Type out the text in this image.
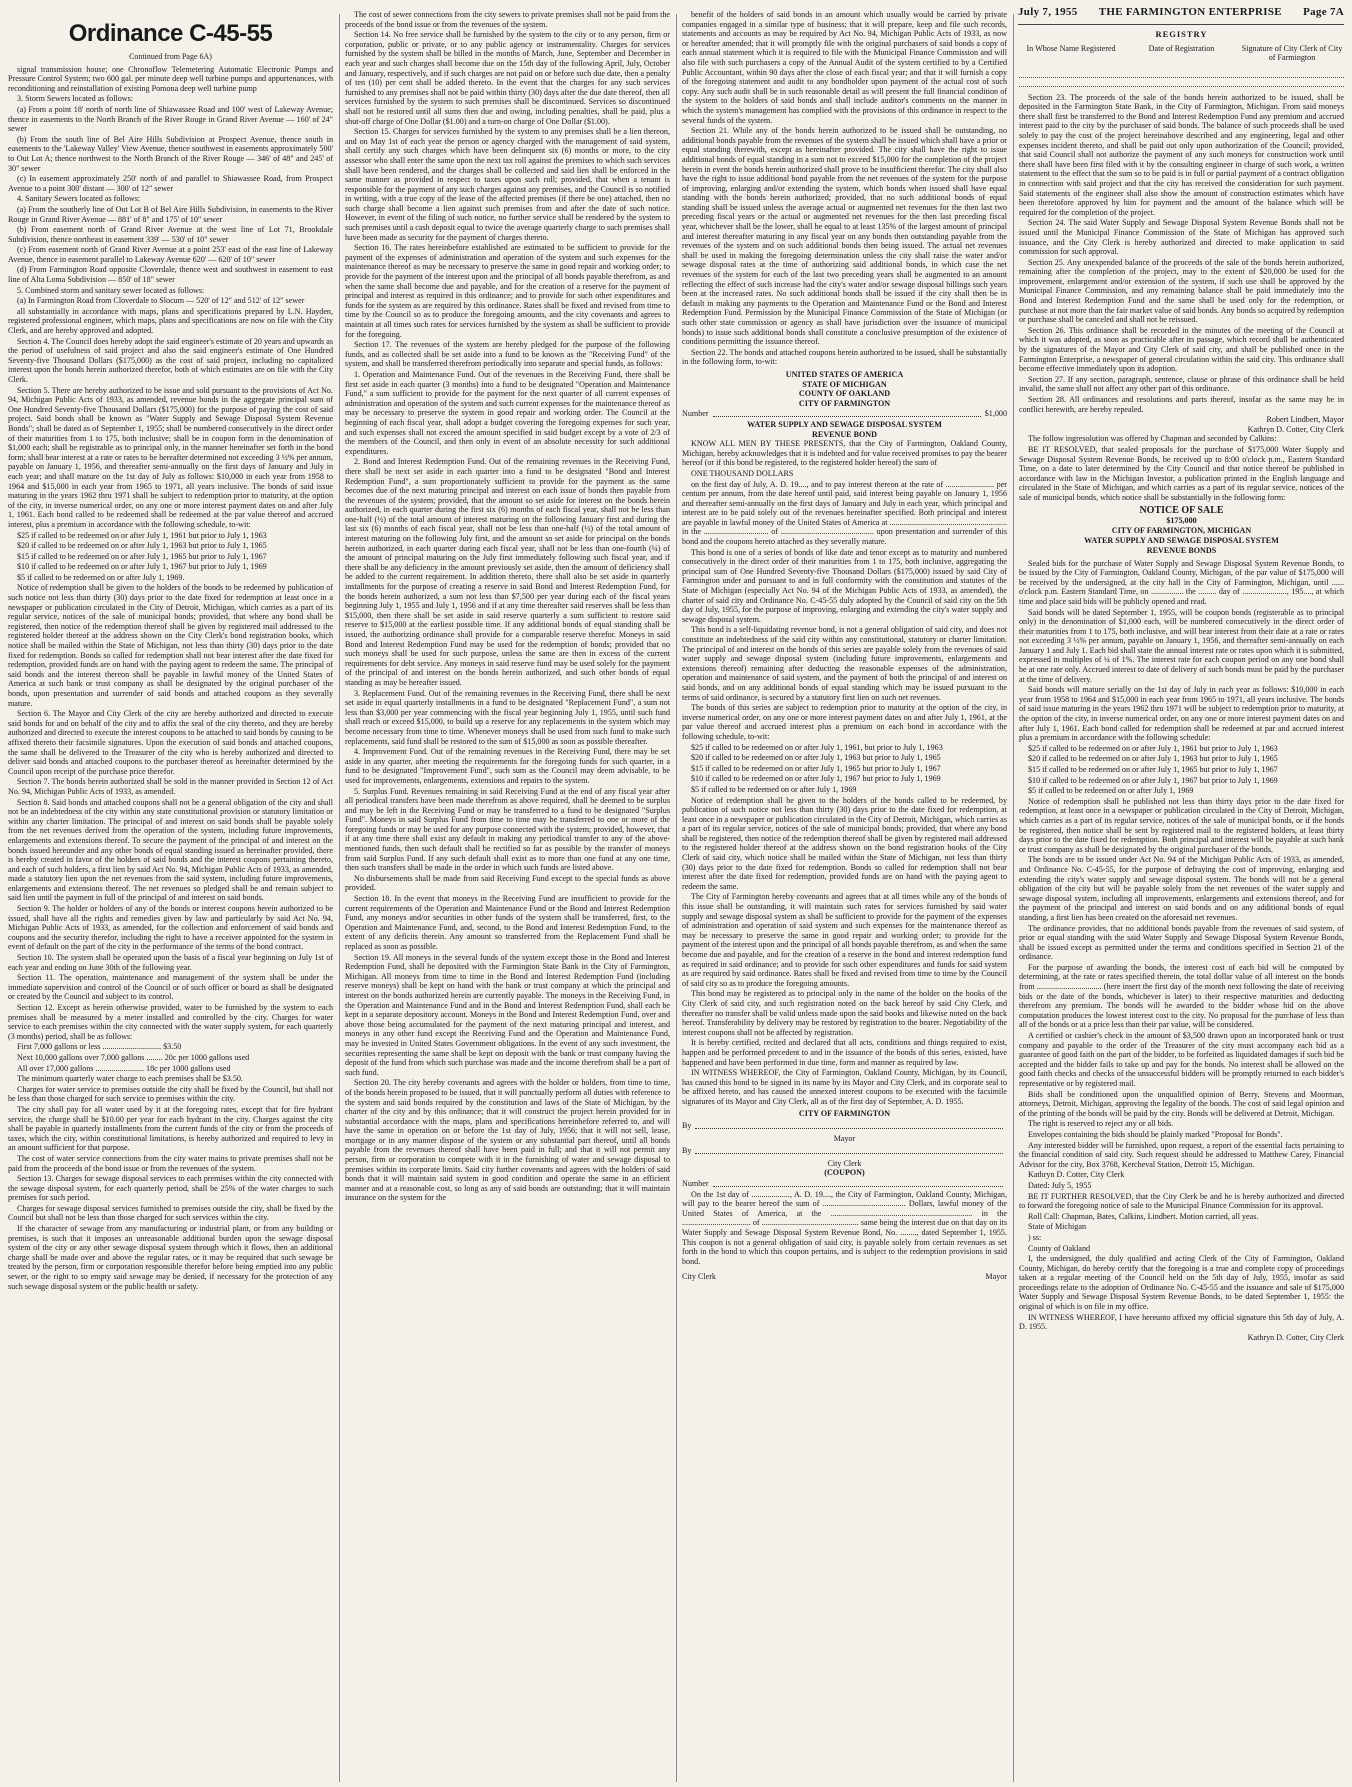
July 7, 1955 THE FARMINGTON ENTERPRISE Page 7A
Ordinance C-45-55
Continued from Page 6A)

signal transmission house; one Chronoflow Telemetering Automatic Electronic Pumps and Pressure Control System; two 600 gal. per minute deep well turbine pumps and appurtenances, with reconditioning and reinstallation of existing Pomona deep well turbine pump

3. Storm Sewers located as follows:

(a) From a point 18' north of north line of Shiawassee Road and 100' west of Lakeway Avenue; thence in easements to the North Branch of the River Rouge in Grand River Avenue — 160' of 24" sewer

(b) From the south line of Bel Aire Hills Subdivision at Prospect Avenue, thence south in easements to the 'Lakeway Valley' View Avenue, thence southwest in easements approximately 500' to Out Lot A; thence northwest to the North Branch of the River Rouge — 346' of 48" and 245' of 30" sewer

(c) In easement approximately 250' north of and parallel to Shiawassee Road, from Prospect Avenue to a point 300' distant — 300' of 12" sewer

4. Sanitary Sewers located as follows:

(a) From the southerly line of Out Lot B of Bel Aire Hills Subdivision, in easements to the River Rouge in Grand River Avenue — 881' of 8" and 175' of 10" sewer

(b) From easement north of Grand River Avenue at the west line of Lot 71, Brookdale Subdivision, thence northeast in easement 339' — 530' of 10" sewer

(c) From easement north of Grand River Avenue at a point 253' east of the east line of Lakeway Avenue, thence in easement parallel to Lakeway Avenue 620' — 620' of 10" sewer

(d) From Farmington Road opposite Cloverdale, thence west and southwest in easement to east line of Alta Loma Subdivision — 850' of 18" sewer

5. Combined storm and sanitary sewer located as follows:

(a) In Farmington Road from Cloverdale to Slocum — 520' of 12" and 512' of 12" sewer

all substantially in accordance with maps, plans and specifications prepared by L.N. Hayden, registered professional engineer, which maps, plans and specifications are now on file with the City Clerk, and are hereby approved and adopted.

Section 4. The Council does hereby adopt the said engineer's estimate of 20 years and upwards as the period of usefulness of said project and also the said engineer's estimate of One Hundred Seventy-five Thousand Dollars ($175,000) as the cost of said project, including no capitalized interest upon the bonds herein authorized therefor, both of which estimates are on file with the City Clerk.

Section 5. There are hereby authorized to be issue and sold pursuant to the provisions of Act No. 94, Michigan Public Acts of 1933, as amended, revenue bonds in the aggregate principal sum of One Hundred Seventy-five Thousand Dollars ($175,000) for the purpose of paying the cost of said project. Said bonds shall be known as "Water Supply and Sewage Disposal System Revenue Bonds"; shall be dated as of September 1, 1955; shall be numbered consecutively in the direct order of their maturities from 1 to 175, both inclusive; shall be in coupon form in the denomination of $1,000 each; shall be registrable as to principal only, in the manner hereinafter set forth in the bond form; shall bear interest at a rate or rates to be hereafter determined not exceeding 3 ½% per annum, payable on January 1, 1956, and thereafter semi-annually on the first days of January and July in each year; and shall mature on the 1st day of July as follows: $10,000 in each year from 1958 to 1964 and $15,000 in each year from 1965 to 1971, all years inclusive. The bonds of said issue maturing in the years 1962 thru 1971 shall be subject to redemption prior to maturity, at the option of the city, in inverse numerical order, on any one or more interest payment dates on and after July 1, 1961. Each bond called to be redeemed shall be redeemed at the par value thereof and accrued interest, plus a premium in accordance with the following schedule, to-wit:

$25 if called to be redeemed on or after July 1, 1961 but prior to July 1, 1963

$20 if called to be redeemed on or after July 1, 1963 but prior to July 1, 1965

$15 if called to be redeemed on or after July 1, 1965 but prior to July 1, 1967

$10 if called to be redeemed on or after July 1, 1967 but prior to July 1, 1969

$5 if called to be redeemed on or after July 1, 1969.

Notice of redemption shall be given to the holders of the bonds to be redeemed by publication of such notice not less than thirty (30) days prior to the date fixed for redemption at least once in a newspaper or publication circulated in the City of Detroit, Michigan, which carries as a part of its regular service, notices of the sale of municipal bonds; provided, that where any bond shall be registered, then notice of the redemption thereof shall be given by registered mail addressed to the registered holder thereof at the address shown on the City Clerk's bond registration books, which notice shall be mailed within the State of Michigan, not less than thirty (30) days prior to the date fixed for redemption. Bonds so called for redemption shall not bear interest after the date fixed for redemption, provided funds are on hand with the paying agent to redeem the same. The principal of said bonds and the interest thereon shall be payable in lawful money of the United States of America at such bank or trust company as shall be designated by the original purchaser of the bonds, upon presentation and surrender of said bonds and attached coupons as they severally mature.

Section 6. The Mayor and City Clerk of the city are hereby authorized and directed to execute said bonds for and on behalf of the city and to affix the seal of the city thereto, and they are hereby authorized and directed to execute the interest coupons to be attached to said bonds by causing to be affixed thereto their facsimile signatures. Upon the execution of said bonds and attached coupons, the same shall be delivered to the Treasurer of the city who is hereby authorized and directed to deliver said bonds and attached coupons to the purchaser thereof as hereinafter determined by the Council upon receipt of the purchase price therefor.

Section 7. The bonds herein authorized shall be sold in the manner provided in Section 12 of Act No. 94, Michigan Public Acts of 1933, as amended.

Section 8. Said bonds and attached coupons shall not be a general obligation of the city and shall not be an indebtedness of the city within any state constitutional provision or statutory limitation or within any charter limitation. The principal of and interest on said bonds shall be payable solely from the net revenues derived from the operation of the system, including future improvements, enlargements and extensions thereof. To secure the payment of the principal of and interest on the bonds issued hereunder and any other bonds of equal standing issued as hereinafter provided, there is hereby created in favor of the holders of said bonds and the interest coupons pertaining thereto, and each of such holders, a first lien by said Act No. 94, Michigan Public Acts of 1933, as amended, made a statutory lien upon the net revenues from the said system, including future improvements, enlargements and extensions thereof. The net revenues so pledged shall be and remain subject to said lien until the payment in full of the principal of and interest on said bonds.

Section 9. The holder or holders of any of the bonds or interest coupons herein authorized to be issued, shall have all the rights and remedies given by law and particularly by said Act No. 94, Michigan Public Acts of 1933, as amended, for the collection and enforcement of said bonds and coupons and the security therefor, including the right to have a receiver appointed for the system in event of default on the part of the city in the performance of the terms of the bond contract.

Section 10. The system shall be operated upon the basis of a fiscal year beginning on July 1st of each year and ending on June 30th of the following year.

Section 11. The operation, maintenance and management of the system shall be under the immediate supervision and control of the Council or of such officer or board as shall be designated or created by the Council and subject to its control.

Section 12. Except as herein otherwise provided, water to be furnished by the system to each premises shall be measured by a meter installed and controlled by the city. Charges for water service to each premises within the city connected with the water supply system, for each quarterly (3 months) period, shall be as follows:

First 7,000 gallons or less ............................. $3.50

Next 10,000 gallons over 7,000 gallons ........ 20c per 1000 gallons used

All over 17,000 gallons ........................ 18c per 1000 gallons used

The minimum quarterly water charge to each premises shall be $3.50.

Charges for water service to premises outside the city shall be fixed by the Council, but shall not be less than those charged for such service to premises within the city.

The city shall pay for all water used by it at the foregoing rates, except that for fire hydrant service, the charge shall be $10.00 per year for each hydrant in the city. Charges against the city shall be payable in quarterly installments from the current funds of the city or from the proceeds of taxes, which the city, within constitutional limitations, is hereby authorized and required to levy in an amount sufficient for that purpose.

The cost of water service connections from the city water mains to private premises shall not be paid from the proceeds of the bond issue or from the revenues of the system.

Section 13. Charges for sewage disposal services to each premises within the city connected with the sewage disposal system, for each quarterly period, shall be 25% of the water charges to such premises for such period.

Charges for sewage disposal services furnished to premises outside the city, shall be fixed by the Council but shall not be less than those charged for such services within the city.

If the character of sewage from any manufacturing or industrial plant, or from any building or premises, is such that it imposes an unreasonable additional burden upon the sewage disposal system of the city or any other sewage disposal system through which it flows, then an additional charge shall be made over and above the regular rates, or it may be required that such sewage be treated by the person, firm or corporation responsible therefor before being emptied into any public sewer, or the right to so empty said sewage may be denied, if necessary for the protection of any such sewage disposal system or the public health or safety.

The cost of sewer connections from the city sewers to private premises shall not be paid from the proceeds of the bond issue or from the revenues of the system.

Section 14. No free service shall be furnished by the system to the city or to any person, firm or corporation, public or private, or to any public agency or instrumentality. Charges for services furnished by the system shall be billed in the months of March, June, September and December in each year and such charges shall become due on the 15th day of the following April, July, October and January, respectively, and if such charges are not paid on or before such due date, then a penalty of ten (10) per cent shall be added thereto. In the event that the charges for any such services furnished to any premises shall not be paid within thirty (30) days after the due date thereof, then all services furnished by the system to such premises shall be discontinued. Services so discontinued shall not be restored until all sums then due and owing, including penalties, shall be paid, plus a shut-off charge of One Dollar ($1.00) and a turn-on charge of One Dollar ($1.00).

Section 15. Charges for services furnished by the system to any premises shall be a lien thereon, and on May 1st of each year the person or agency charged with the management of said system, shall certify any such charges which have been delinquent six (6) months or more, to the city assessor who shall enter the same upon the next tax roll against the premises to which such services shall have been rendered, and the charges shall be collected and said lien shall be enforced in the same manner as provided in respect to taxes upon such roll; provided, that when a tenant is responsible for the payment of any such charges against any premises, and the Council is so notified in writing, with a true copy of the lease of the affected premises (if there be one) attached, then no such charge shall become a lien against such premises from and after the date of such notice. However, in event of the filing of such notice, no further service shall be rendered by the system to such premises until a cash deposit equal to twice the average quarterly charge to such premises shall have been made as security for the payment of charges thereto.

Section 16. The rates hereinbefore established are estimated to be sufficient to provide for the payment of the expenses of administration and operation of the system and such expenses for the maintenance thereof as may be necessary to preserve the same in good repair and working order; to provide for the payment of the interest upon and the principal of all bonds payable therefrom, as and when the same shall become due and payable, and for the creation of a reserve for the payment of principal and interest as required in this ordinance; and to provide for such other expenditures and funds for the system as are required by this ordinance. Rates shall be fixed and revised from time to time by the Council so as to produce the foregoing amounts, and the city covenants and agrees to maintain at all times such rates for services furnished by the system as shall be sufficient to provide for the foregoing.

Section 17. The revenues of the system are hereby pledged for the purpose of the following funds, and as collected shall be set aside into a fund to be known as the "Receiving Fund" of the system, and shall be transferred therefrom periodically into separate and special funds, as follows:

1. Operation and Maintenance Fund. Out of the revenues in the Receiving Fund, there shall be first set aside in each quarter (3 months) into a fund to be designated "Operation and Maintenance Fund," a sum sufficient to provide for the payment for the next quarter of all current expenses of administration and operation of the system and such current expenses for the maintenance thereof as may be necessary to preserve the system in good repair and working order. The Council at the beginning of each fiscal year, shall adopt a budget covering the foregoing expenses for such year, and such expenses shall not exceed the amount specified in said budget except by a vote of 2/3 of the members of the Council, and then only in event of an absolute necessity for such additional expenditures.

2. Bond and Interest Redemption Fund. Out of the remaining revenues in the Receiving Fund, there shall be next set aside in each quarter into a fund to be designated "Bond and Interest Redemption Fund", a sum proportionately sufficient to provide for the payment as the same becomes due of the next maturing principal and interest on each issue of bonds then payable from the revenues of the system; provided, that the amount so set aside for interest on the bonds herein authorized, in each quarter during the first six (6) months of each fiscal year, shall not be less than one-half (½) of the total amount of interest maturing on the following January first and during the last six (6) months of each fiscal year, shall not be less than one-half (½) of the total amount of interest maturing on the following July first, and the amount so set aside for principal on the bonds herein authorized, in each quarter during each fiscal year, shall not be less than one-fourth (¼) of the amount of principal maturing on the July first immediately following such fiscal year, and if there shall be any deficiency in the amount previously set aside, then the amount of deficiency shall be added to the current requirement. In addition thereto, there shall also be set aside in quarterly installments for the purpose of creating a reserve in said Bond and Interest Redemption Fund, for the bonds herein authorized, a sum not less than $7,500 per year during each of the fiscal years beginning July 1, 1955 and July 1, 1956 and if at any time thereafter said reserves shall be less than $15,000, then there shall be set aside in said reserve quarterly a sum sufficient to restore said reserve to $15,000 at the earliest possible time. If any additional bonds of equal standing shall be issued, the authorizing ordinance shall provide for a comparable reserve therefor. Moneys in said Bond and Interest Redemption Fund may be used for the redemption of bonds; provided that no such moneys shall be used for such purpose, unless the same are then in excess of the current requirements for debt service. Any moneys in said reserve fund may be used solely for the payment of the principal of and interest on the bonds herein authorized, and such other bonds of equal standing as may be hereafter issued.

3. Replacement Fund. Out of the remaining revenues in the Receiving Fund, there shall be next set aside in equal quarterly installments in a fund to be designated "Replacement Fund", a sum not less than $3,000 per year commencing with the fiscal year beginning July 1, 1955, until such fund shall reach or exceed $15,000, to build up a reserve for any replacements in the system which may become necessary from time to time. Whenever moneys shall be used from such fund to make such replacements, said fund shall be restored to the sum of $15,000 as soon as possible thereafter.

4. Improvement Fund. Out of the remaining revenues in the Receiving Fund, there may be set aside in any quarter, after meeting the requirements for the foregoing funds for such quarter, in a fund to be designated "Improvement Fund", such sum as the Council may deem advisable, to be used for improvements, enlargements, extensions and repairs to the system.

5. Surplus Fund. Revenues remaining in said Receiving Fund at the end of any fiscal year after all periodical transfers have been made therefrom as above required, shall be deemed to be surplus and may be left in the Receiving Fund or may be transferred to a fund to be designated "Surplus Fund". Moneys in said Surplus Fund from time to time may be transferred to one or more of the foregoing funds or may be used for any purpose connected with the system; provided, however, that if at any time there shall exist any default in making any periodical transfer to any of the above-mentioned funds, then such default shall be rectified so far as possible by the transfer of moneys from said Surplus Fund. If any such default shall exist as to more than one fund at any one time, then such transfers shall be made in the order in which such funds are listed above.

No disbursements shall be made from said Receiving Fund except to the special funds as above provided.

Section 18. In the event that moneys in the Receiving Fund are insufficient to provide for the current requirements of the Operation and Maintenance Fund or the Bond and Interest Redemption Fund, any moneys and/or securities in other funds of the system shall be transferred, first, to the Operation and Maintenance Fund, and, second, to the Bond and Interest Redemption Fund, to the extent of any deficits therein. Any amount so transferred from the Replacement Fund shall be replaced as soon as possible.

Section 19. All moneys in the several funds of the system except those in the Bond and Interest Redemption Fund, shall be deposited with the Farmington State Bank in the City of Farmington, Michigan. All moneys from time to time in the Bond and Interest Redemption Fund (including reserve moneys) shall be kept on hand with the bank or trust company at which the principal and interest on the bonds authorized herein are currently payable. The moneys in the Receiving Fund, in the Operation and Maintenance Fund and in the Bond and Interest Redemption Fund, shall each be kept in a separate depository account. Moneys in the Bond and Interest Redemption Fund, over and above those being accumulated for the payment of the next maturing principal and interest, and moneys in any other fund except the Receiving Fund and the Operation and Maintenance Fund, may be invested in United States Government obligations. In the event of any such investment, the securities representing the same shall be kept on deposit with the bank or trust company having the deposit of the fund from which such purchase was made and the income therefrom shall be a part of such fund.

Section 20. The city hereby covenants and agrees with the holder or holders, from time to time, of the bonds herein proposed to be issued, that it will punctually perform all duties with reference to the system and said bonds required by the constitution and laws of the State of Michigan, by the charter of the city and by this ordinance; that it will construct the project herein provided for in substantial accordance with the maps, plans and specifications hereinbefore referred to, and will have the same in operation on or before the 1st day of July, 1956; that it will not sell, lease, mortgage or in any manner dispose of the system or any substantial part thereof, until all bonds payable from the revenues thereof shall have been paid in full; and that it will not permit any person, firm or corporation to compete with it in the furnishing of water and sewage disposal to premises within its corporate limits. Said city further covenants and agrees with the holders of said bonds that it will maintain said system in good condition and operate the same in an efficient manner and at a reasonable cost, so long as any of said bonds are outstanding; that it will maintain insurance on the system for the

benefit of the holders of said bonds in an amount which usually would be carried by private companies engaged in a similar type of business; that it will prepare, keep and file such records, statements and accounts as may be required by Act No. 94, Michigan Public Acts of 1933, as now or hereafter amended; that it will promptly file with the original purchasers of said bonds a copy of each annual statement which it is required to file with the Municipal Finance Commission and will also file with such purchasers a copy of the Annual Audit of the system certified to by a Certified Public Accountant, within 90 days after the close of each fiscal year; and that it will furnish a copy of the foregoing statement and audit to any bondholder upon payment of the actual cost of such copy. Any such audit shall be in such reasonable detail as will present the full financial condition of the system to the holders of said bonds and shall include auditor's comments on the manner in which the system's management has complied with the provisions of this ordinance in respect to the several funds of the system.

Section 21. While any of the bonds herein authorized to be issued shall be outstanding, no additional bonds payable from the revenues of the system shall be issued which shall have a prior or equal standing therewith, except as hereinafter provided. The city shall have the right to issue additional bonds of equal standing in a sum not to exceed $15,000 for the completion of the project herein in event the bonds herein authorized shall prove to be insufficient therefor. The city shall also have the right to issue additional bond payable from the net revenues of the system for the purpose of improving, enlarging and/or extending the system, which bonds when issued shall have equal standing with the bonds herein authorized; provided, that no such additional bonds of equal standing shall be issued unless the average actual or augmented net revenues for the then last two preceding fiscal years or the actual or augmented net revenues for the then last preceding fiscal year, whichever shall be the lower, shall be equal to at least 135% of the largest amount of principal and interest thereafter maturing in any fiscal year on any bonds then outstanding payable from the revenues of the system and on such additional bonds then being issued. The actual net revenues shall be used in making the foregoing determination unless the city shall raise the water and/or sewage disposal rates at the time of authorizing said additional bonds, in which case the net revenues of the system for each of the last two preceding years shall be augmented to an amount reflecting the effect of such increase had the city's water and/or sewage disposal billings such years been at the increased rates. No such additional bonds shall be issued if the city shall then be in default in making any payments to the Operation and Maintenance Fund or the Bond and Interest Redemption Fund. Permission by the Municipal Finance Commission of the State of Michigan (or such other state commission or agency as shall have jurisdiction over the issuance of municipal bonds) to issue such additional bonds shall constitute a conclusive presumption of the existence of conditions permitting the issuance thereof.

Section 22. The bonds and attached coupons herein authorized to be issued, shall be substantially in the following form, to-wit:

UNITED STATES OF AMERICA
STATE OF MICHIGAN
COUNTY OF OAKLAND
CITY OF FARMINGTON
Number	$1,000
WATER SUPPLY AND SEWAGE DISPOSAL SYSTEM
REVENUE BOND

KNOW ALL MEN BY THESE PRESENTS, that the City of Farmington, Oakland County, Michigan, hereby acknowledges that it is indebted and for value received promises to pay the bearer hereof (or if this bond be registered, to the registered holder hereof) the sum of

ONE THOUSAND DOLLARS

on the first day of July, A. D. 19...., and to pay interest thereon at the rate of ........................ per centum per annum, from the date hereof until paid, said interest being payable on January 1, 1956 and thereafter semi-annually on the first days of January and July in each year, which principal and interest are to be paid solely out of the revenues hereinafter specified. Both principal and interest are payable in lawful money of the United States of America at .......................................................... in the ................................ of .............................................. upon presentation and surrender of this bond and the coupons hereto attached as they severally mature.

This bond is one of a series of bonds of like date and tenor except as to maturity and numbered consecutively in the direct order of their maturities from 1 to 175, both inclusive, aggregating the principal sum of One Hundred Seventy-five Thousand Dollars ($175,000) issued by said City of Farmington under and pursuant to and in full conformity with the constitution and statutes of the State of Michigan (especially Act No. 94 of the Michigan Public Acts of 1933, as amended), the charter of said city and Ordinance No. C-45-55 duly adopted by the Council of said city on the 5th day of July, 1955, for the purpose of improving, enlarging and extending the city's water supply and sewage disposal system.

This bond is a self-liquidating revenue bond, is not a general obligation of said city, and does not constitute an indebtedness of the said city within any constitutional, statutory or charter limitation. The principal of and interest on the bonds of this series are payable solely from the revenues of said water supply and sewage disposal system (including future improvements, enlargements and extensions thereof) remaining after deducting the reasonable expenses of the administration, operation and maintenance of said system, and the payment of both the principal of and interest on said bonds, and on any additional bonds of equal standing which may be issued pursuant to the terms of said ordinance, is secured by a statutory first lien on such net revenues.

The bonds of this series are subject to redemption prior to maturity at the option of the city, in inverse numerical order, on any one or more interest payment dates on and after July 1, 1961, at the par value thereof and accrued interest plus a premium on each bond in accordance with the following schedule, to-wit:

$25 if called to be redeemed on or after July 1, 1961, but prior to July 1, 1963

$20 if called to be redeemed on or after July 1, 1963 but prior to July 1, 1965

$15 if called to be redeemed on or after July 1, 1965 but prior to July 1, 1967

$10 if called to be redeemed on or after July 1, 1967 but prior to July 1, 1969

$5 if called to be redeemed on or after July 1, 1969

Notice of redemption shall be given to the holders of the bonds called to be redeemed, by publication of such notice not less than thirty (30) days prior to the date fixed for redemption, at least once in a newspaper or publication circulated in the City of Detroit, Michigan, which carries as a part of its regular service, notices of the sale of municipal bonds; provided, that where any bond shall be registered, then notice of the redemption thereof shall be given by registered mail addressed to the registered holder thereof at the address shown on the bond registration books of the City Clerk of said city, which notice shall be mailed within the State of Michigan, not less than thirty (30) days prior to the date fixed for redemption. Bonds so called for redemption shall not bear interest after the date fixed for redemption, provided funds are on hand with the paying agent to redeem the same.

The City of Farmington hereby covenants and agrees that at all times while any of the bonds of this issue shall be outstanding, it will maintain such rates for services furnished by said water supply and sewage disposal system as shall be sufficient to provide for the payment of the expenses of administration and operation of said system and such expenses for the maintenance thereof as may be necessary to preserve the same in good repair and working order; to provide for the payment of the interest upon and the principal of all bonds payable therefrom, as and when the same become due and payable, and for the creation of a reserve in the bond and interest redemption fund as required in said ordinance; and to provide for such other expenditures and funds for said system as are required by said ordinance. Rates shall be fixed and revised from time to time by the Council of said city so as to produce the foregoing amounts.

This bond may be registered as to principal only in the name of the holder on the books of the City Clerk of said city, and such registration noted on the back hereof by said City Clerk, and thereafter no transfer shall be valid unless made upon the said books and likewise noted on the back hereof. Transferability by delivery may be restored by registration to the bearer. Negotiability of the interest coupons shall not be affected by registration.

It is hereby certified, recited and declared that all acts, conditions and things required to exist, happen and be performed precedent to and in the issuance of the bonds of this series, existed, have happened and have been performed in due time, form and manner as required by law.

IN WITNESS WHEREOF, the City of Farmington, Oakland County, Michigan, by its Council, has caused this bond to be signed in its name by its Mayor and City Clerk, and its corporate seal to be affixed hereto, and has caused the annexed interest coupons to be executed with the facsimile signatures of its Mayor and City Clerk, all as of the first day of September, A. D. 1955.

CITY OF FARMINGTON
By
Mayor
By
City Clerk
(COUPON)
Number

On the 1st day of ..................., A. D. 19...., the City of Farmington, Oakland County, Michigan, will pay to the bearer hereof the sum of ......................................... Dollars, lawful money of the United States of America, at the ...................................................................... in the .................................. of ................................................ same being the interest due on that day on its Water Supply and Sewage Disposal System Revenue Bond, No. ........, dated September 1, 1955. This coupon is not a general obligation of said city, is payable solely from certain revenues as set forth in the bond to which this coupon pertains, and is subject to the redemption provisions in said bond.

City Clerk	Mayor
REGISTRY
In Whose Name Registered	Date of Registration	Signature of City Clerk of City of Farmington

Section 23. The proceeds of the sale of the bonds herein authorized to be issued, shall be deposited in the Farmington State Bank, in the City of Farmington, Michigan. From said moneys there shall first be transferred to the Bond and Interest Redemption Fund any premium and accrued interest paid to the city by the purchaser of said bonds. The balance of such proceeds shall be used solely to pay the cost of the project hereinabove described and any engineering, legal and other expenses incident thereto, and shall be paid out only upon authorization of the Council; provided, that said Council shall not authorize the payment of any such moneys for construction work until there shall have been first filed with it by the consulting engineer in charge of such work, a written statement to the effect that the sum so to be paid is in full or partial payment of a contract obligation in connection with said project and that the city has received the consideration for such payment. Said statements of the engineer shall also show the amount of construction estimates which have been theretofore approved by him for payment and the amount of the balance which will be required for the completion of the project.

Section 24. The said Water Supply and Sewage Disposal System Revenue Bonds shall not be issued until the Municipal Finance Commission of the State of Michigan has approved such issuance, and the City Clerk is hereby authorized and directed to make application to said commission for such approval.

Section 25. Any unexpended balance of the proceeds of the sale of the bonds herein authorized, remaining after the completion of the project, may to the extent of $20,000 be used for the improvement, enlargement and/or extension of the system, if such use shall be approved by the Municipal Finance Commission, and any remaining balance shall be paid immediately into the Bond and Interest Redemption Fund and the same shall be used only for the redemption, or purchase at not more than the fair market value of said bonds. Any bonds so acquired by redemption or purchase shall be canceled and shall not be reissued.

Section 26. This ordinance shall be recorded in the minutes of the meeting of the Council at which it was adopted, as soon as practicable after its passage, which record shall be authenticated by the signatures of the Mayor and City Clerk of said city, and shall be published once in the Farmington Enterprise, a newspaper of general circulation within the said city. This ordinance shall become effective immediately upon its adoption.

Section 27. If any section, paragraph, sentence, clause or phrase of this ordinance shall be held invalid, the same shall not affect any other part of this ordinance.

Section 28. All ordinances and resolutions and parts thereof, insofar as the same may be in conflict herewith, are hereby repealed.

Robert Lindbert, Mayor
Kathryn D. Cotter, City Clerk

The follow ingresolution was offered by Chapman and seconded by Calkins:

BE IT RESOLVED, that sealed proposals for the purchase of $175,000 Water Supply and Sewage Disposal System Revenue Bonds, be received up to 8:00 o'clock p.m., Eastern Standard Time, on a date to later determined by the City Council and that notice thereof be published in accordance with law in the Michigan Investor, a publication printed in the English language and circulated in the State of Michigan, and which carries as a part of its regular service, notices of the sale of municipal bonds, which notice shall be substantially in the following form:

NOTICE OF SALE
$175,000
CITY OF FARMINGTON, MICHIGAN
WATER SUPPLY AND SEWAGE DISPOSAL SYSTEM
REVENUE BONDS

Sealed bids for the purchase of Water Supply and Sewage Disposal System Revenue Bonds, to be issued by the City of Farmington, Oakland County, Michigan, of the par value of $175,000 will be received by the undersigned, at the city hall in the City of Farmington, Michigan, until ...... o'clock p.m. Eastern Standard Time, on ................ the ......... day of ......................, 195...., at which time and place said bids will be publicly opened and read.

Said bonds will be dated September 1, 1955, will be coupon bonds (registerable as to principal only) in the denomination of $1,000 each, will be numbered consecutively in the direct order of their maturities from 1 to 175, both inclusive, and will bear interest from their date at a rate or rates not exceeding 3 ½% per annum, payable on January 1, 1956, and thereafter semi-annually on each January 1 and July 1. Each bid shall state the annual interest rate or rates upon which it is submitted, expressed in multiples of ¼ of 1%. The interest rate for each coupon period on any one bond shall be at one rate only. Accrued interest to date of delivery of such bonds must be paid by the purchaser at the time of delivery.

Said bonds will mature serially on the 1st day of July in each year as follows: $10,000 in each year from 1958 to 1964 and $15,000 in each year from 1965 to 1971, all years inclusive. The bonds of said issue maturing in the years 1962 thru 1971 will be subject to redemption prior to maturity, at the option of the city, in inverse numerical order, on any one or more interest payment dates on and after July 1, 1961. Each bond called for redemption shall be redeemed at par and accrued interest plus a premium in accordance with the following schedule:

$25 if called to be redeemed on or after July 1, 1961 but prior to July 1, 1963

$20 if called to be redeemed on or after July 1, 1963 but prior to July 1, 1965

$15 if called to be redeemed on or after July 1, 1965 but prior to July 1, 1967

$10 if called to be redeemed on or after July 1, 1967 but prior to July 1, 1969

$5 if called to be redeemed on or after July 1, 1969

Notice of redemption shall be published not less than thirty days prior to the date fixed for redemption, at least once in a newspaper or publication circulated in the City of Detroit, Michigan, which carries as a part of its regular service, notices of the sale of municipal bonds, or if the bonds be registered, then notice shall be sent by registered mail to the registered holders, at least thirty days prior to the date fixed for redemption. Both principal and interest will be payable at such bank or trust company as shall be designated by the original purchaser of the bonds.

The bonds are to be issued under Act No. 94 of the Michigan Public Acts of 1933, as amended, and Ordinance No. C-45-55, for the purpose of defraying the cost of improving, enlarging and extending the city's water supply and sewage disposal system. The bonds will not be a general obligation of the city but will be payable solely from the net revenues of the water supply and sewage disposal system, including all improvements, enlargements and extensions thereof, and for the payment of the principal and interest on said bonds and on any additional bonds of equal standing, a first lien has been created on the aforesaid net revenues.

The ordinance provides, that no additional bonds payable from the revenues of said system, of prior or equal standing with the said Water Supply and Sewage Disposal System Revenue Bonds, shall be issued except as permitted under the terms and conditions specified in Section 21 of the ordinance.

For the purpose of awarding the bonds, the interest cost of each bid will be computed by determining, at the rate or rates specified therein, the total dollar value of all interest on the bonds from ................................ (here insert the first day of the month next following the date of receiving bids or the date of the bonds, whichever is later) to their respective maturities and deducting therefrom any premium. The bonds will be awarded to the bidder whose bid on the above computation produces the lowest interest cost to the city. No proposal for the purchase of less than all of the bonds or at a price less than their par value, will be considered.

A certified or cashier's check in the amount of $3,500 drawn upon an incorporated bank or trust company and payable to the order of the Treasurer of the city must accompany each bid as a guarantee of good faith on the part of the bidder, to be forfeited as liquidated damages if such bid be accepted and the bidder fails to take up and pay for the bonds. No interest shall be allowed on the good faith checks and checks of the unsuccessful bidders will be promptly returned to each bidder's representative or by registered mail.

Bids shall be conditioned upon the unqualified opinion of Berry, Stevens and Moorman, attorneys, Detroit, Michigan, approving the legality of the bonds. The cost of said legal opinion and of the printing of the bonds will be paid by the city. Bonds will be delivered at Detroit, Michigan.

The right is reserved to reject any or all bids.

Envelopes containing the bids should be plainly marked "Proposal for Bonds".

Any interested bidder will be furnished, upon request, a report of the essential facts pertaining to the financial condition of said city. Such request should be addressed to Matthew Carey, Financial Advisor for the city, Box 3768, Kercheval Station, Detroit 15, Michigan.

Kathryn D. Cotter, City Clerk

Dated: July 5, 1955

BE IT FURTHER RESOLVED, that the City Clerk be and he is hereby authorized and directed to forward the foregoing notice of sale to the Municipal Finance Commission for its approval.

Roll Call: Chapman, Bates, Calkins, Lindbert. Motion carried, all yeas.

State of Michigan

) ss:

County of Oakland

I, the undersigned, the duly qualified and acting Clerk of the City of Farmington, Oakland County, Michigan, do hereby certify that the foregoing is a true and complete copy of proceedings taken at a regular meeting of the Council held on the 5th day of July, 1955, insofar as said proceedings relate to the adoption of Ordinance No. C-45-55 and the issuance and sale of $175,000 Water Supply and Sewage Disposal System Revenue Bonds, to be dated September 1, 1955: the original of which is on file in my office.

IN WITNESS WHEREOF, I have hereunto affixed my official signature this 5th day of July, A. D. 1955.

Kathryn D. Cotter, City Clerk
